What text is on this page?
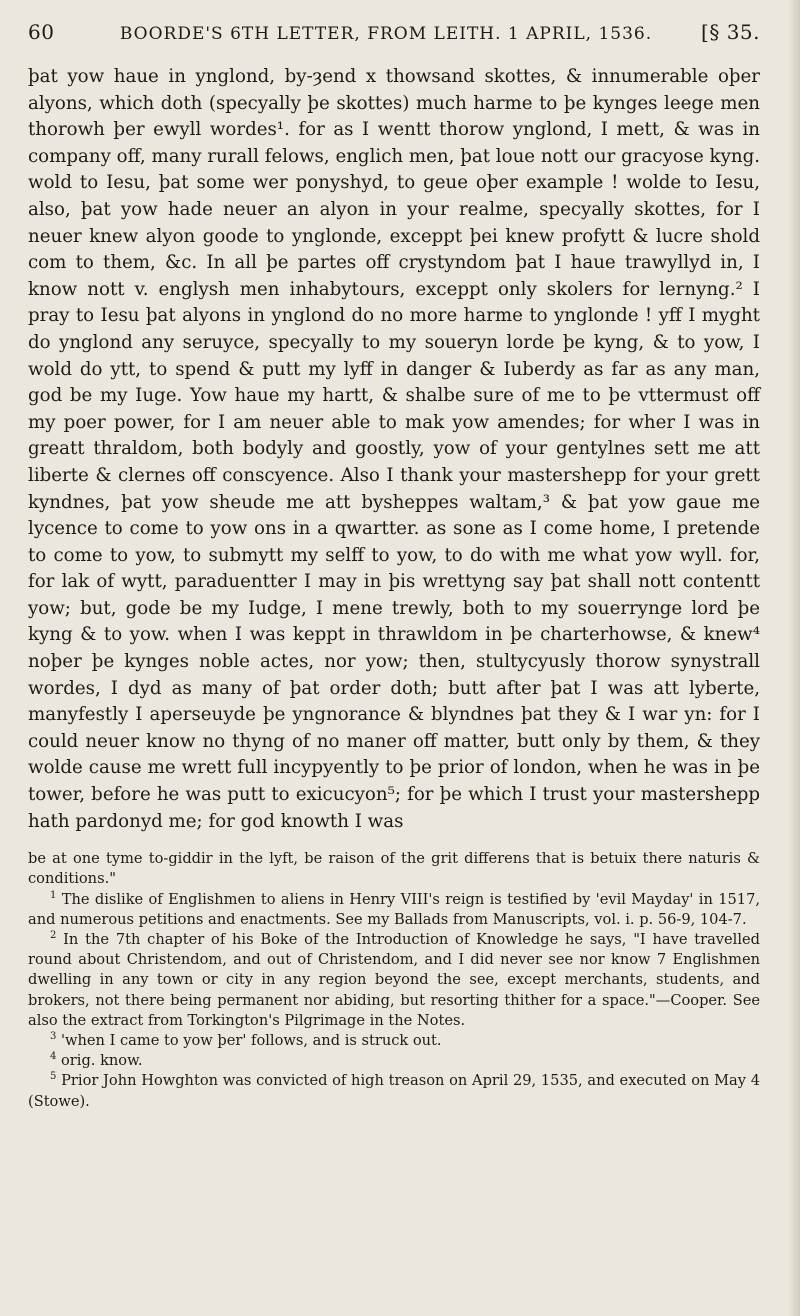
60	BOORDE'S 6TH LETTER, FROM LEITH. 1 APRIL, 1536.	[§ 35.

þat yow haue in ynglond, by-ȝend x thowsand skottes, & innumerable oþer alyons, which doth (specyally þe skottes) much harme to þe kynges leege men thorowh þer ewyll wordes¹. for as I wentt thorow ynglond, I mett, & was in company off, many rurall felows, englich men, þat loue nott our gracyose kyng. wold to Iesu, þat some wer ponyshyd, to geue oþer example ! wolde to Iesu, also, þat yow hade neuer an alyon in your realme, specyally skottes, for I neuer knew alyon goode to ynglonde, exceppt þei knew profytt & lucre shold com to them, &c. In all þe partes off crystyndom þat I haue trawyllyd in, I know nott v. englysh men inhabytours, exceppt only skolers for lernyng.² I pray to Iesu þat alyons in ynglond do no more harme to ynglonde ! yff I myght do ynglond any seruyce, specyally to my soueryn lorde þe kyng, & to yow, I wold do ytt, to spend & putt my lyff in danger & Iuberdy as far as any man, god be my Iuge. Yow haue my hartt, & shalbe sure of me to þe vttermust off my poer power, for I am neuer able to mak yow amendes; for wher I was in greatt thraldom, both bodyly and goostly, yow of your gentylnes sett me att liberte & clernes off conscyence. Also I thank your mastershepp for your grett kyndnes, þat yow sheude me att bysheppes waltam,³ & þat yow gaue me lycence to come to yow ons in a qwartter. as sone as I come home, I pretende to come to yow, to submytt my selff to yow, to do with me what yow wyll. for, for lak of wytt, paraduentter I may in þis wrettyng say þat shall nott contentt yow; but, gode be my Iudge, I mene trewly, both to my souerrynge lord þe kyng & to yow. when I was keppt in thrawldom in þe charterhowse, & knew⁴ noþer þe kynges noble actes, nor yow; then, stultycyusly thorow synystrall wordes, I dyd as many of þat order doth; butt after þat I was att lyberte, manyfestly I aperseuyde þe yngnorance & blyndnes þat they & I war yn: for I could neuer know no thyng of no maner off matter, butt only by them, & they wolde cause me wrett full incypyently to þe prior of london, when he was in þe tower, before he was putt to exicucyon⁵; for þe which I trust your mastershepp hath pardonyd me; for god knowth I was

be at one tyme to-giddir in the lyft, be raison of the grit differens that is betuix there naturis & conditions."

$^1$ The dislike of Englishmen to aliens in Henry VIII's reign is testified by 'evil Mayday' in 1517, and numerous petitions and enactments. See my Ballads from Manuscripts, vol. i. p. 56-9, 104-7.

$^2$ In the 7th chapter of his Boke of the Introduction of Knowledge he says, "I have travelled round about Christendom, and out of Christendom, and I did never see nor know 7 Englishmen dwelling in any town or city in any region beyond the see, except merchants, students, and brokers, not there being permanent nor abiding, but resorting thither for a space."—Cooper. See also the extract from Torkington's Pilgrimage in the Notes.

$^3$ 'when I came to yow þer' follows, and is struck out.

$^4$ orig. know.

$^5$ Prior John Howghton was convicted of high treason on April 29, 1535, and executed on May 4 (Stowe).
